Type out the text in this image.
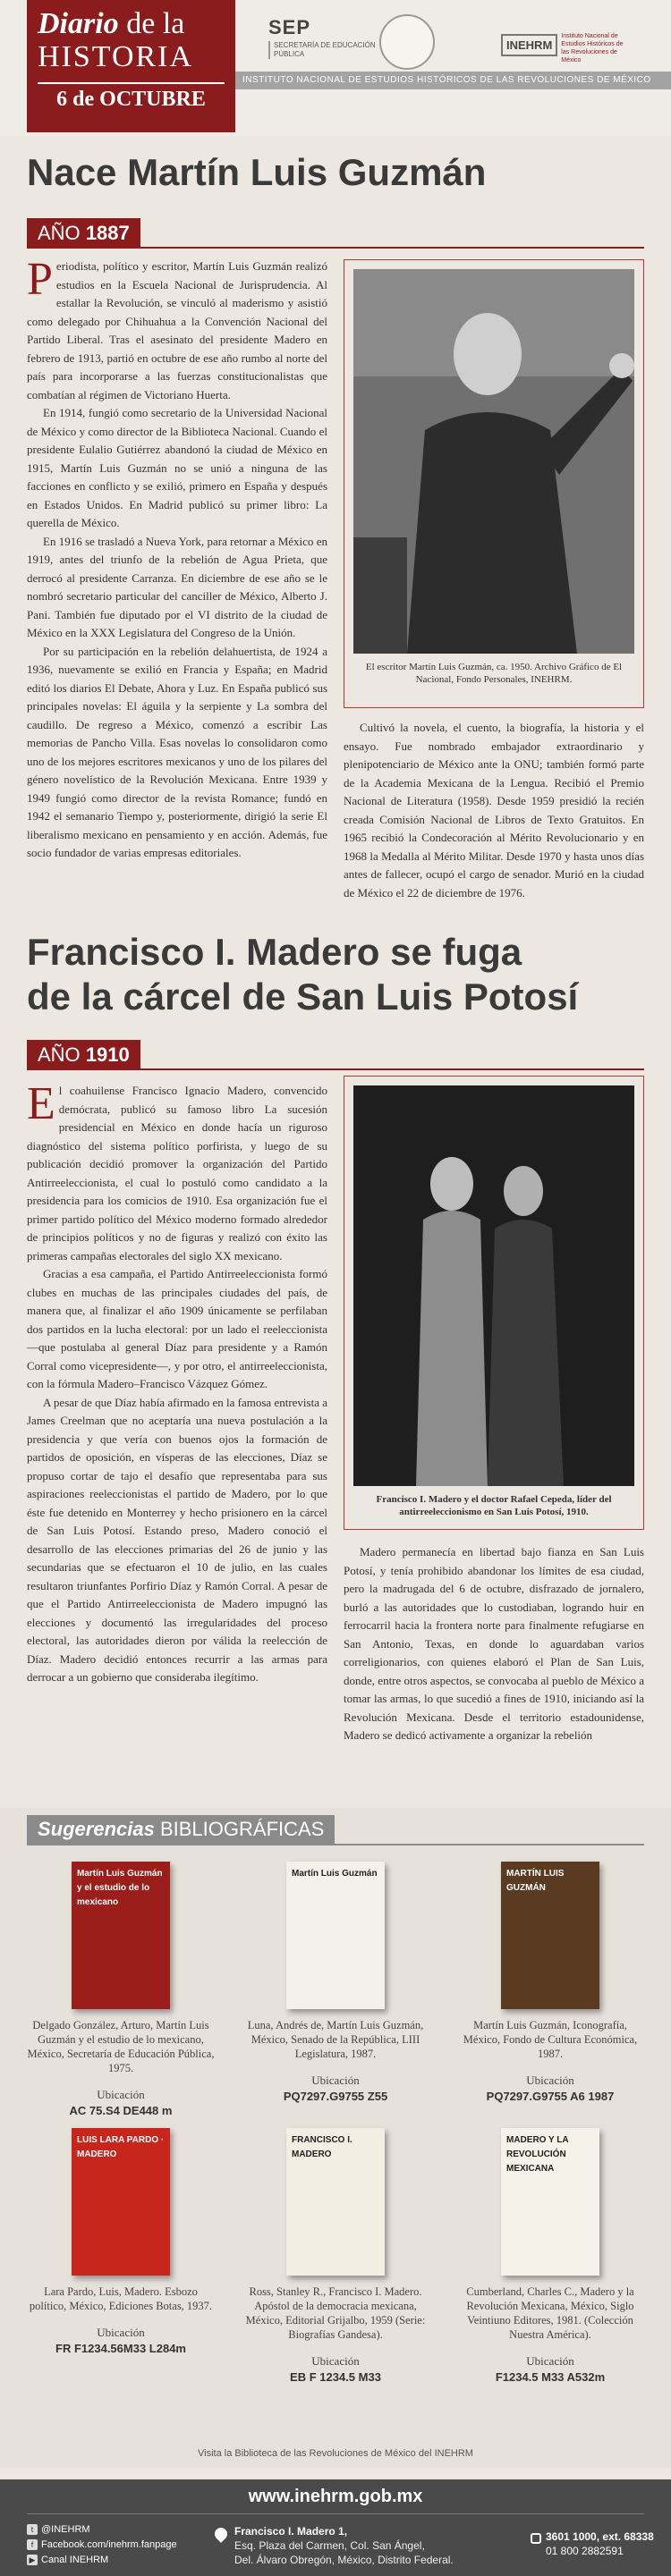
Diario de la
HISTORIA
6 de OCTUBRE
SEP
SECRETARÍA DE EDUCACIÓN PÚBLICA
INEHRMInstituto Nacional de Estudios Históricos de las Revoluciones de México
INSTITUTO NACIONAL DE ESTUDIOS HISTÓRICOS DE LAS REVOLUCIONES DE MÉXICO
Nace Martín Luis Guzmán
AÑO 1887

Periodista, político y escritor, Martín Luis Guzmán realizó estudios en la Escuela Nacional de Jurisprudencia. Al estallar la Revolución, se vinculó al maderismo y asistió como delegado por Chihuahua a la Convención Nacional del Partido Liberal. Tras el asesinato del presidente Madero en febrero de 1913, partió en octubre de ese año rumbo al norte del país para incorporarse a las fuerzas constitucionalistas que combatían al régimen de Victoriano Huerta.

En 1914, fungió como secretario de la Universidad Nacional de México y como director de la Biblioteca Nacional. Cuando el presidente Eulalio Gutiérrez abandonó la ciudad de México en 1915, Martín Luis Guzmán no se unió a ninguna de las facciones en conflicto y se exilió, primero en España y después en Estados Unidos. En Madrid publicó su primer libro: La querella de México.

En 1916 se trasladó a Nueva York, para retornar a México en 1919, antes del triunfo de la rebelión de Agua Prieta, que derrocó al presidente Carranza. En diciembre de ese año se le nombró secretario particular del canciller de México, Alberto J. Pani. También fue diputado por el VI distrito de la ciudad de México en la XXX Legislatura del Congreso de la Unión.

Por su participación en la rebelión delahuertista, de 1924 a 1936, nuevamente se exilió en Francia y España; en Madrid editó los diarios El Debate, Ahora y Luz. En España publicó sus principales novelas: El águila y la serpiente y La sombra del caudillo. De regreso a México, comenzó a escribir Las memorias de Pancho Villa. Esas novelas lo consolidaron como uno de los mejores escritores mexicanos y uno de los pilares del género novelístico de la Revolución Mexicana. Entre 1939 y 1949 fungió como director de la revista Romance; fundó en 1942 el semanario Tiempo y, posteriormente, dirigió la serie El liberalismo mexicano en pensamiento y en acción. Además, fue socio fundador de varias empresas editoriales.

El escritor Martín Luis Guzmán, ca. 1950. Archivo Gráfico de El Nacional, Fondo Personales, INEHRM.

Cultivó la novela, el cuento, la biografía, la historia y el ensayo. Fue nombrado embajador extraordinario y plenipotenciario de México ante la ONU; también formó parte de la Academia Mexicana de la Lengua. Recibió el Premio Nacional de Literatura (1958). Desde 1959 presidió la recién creada Comisión Nacional de Libros de Texto Gratuitos. En 1965 recibió la Condecoración al Mérito Revolucionario y en 1968 la Medalla al Mérito Militar. Desde 1970 y hasta unos días antes de fallecer, ocupó el cargo de senador. Murió en la ciudad de México el 22 de diciembre de 1976.

Francisco I. Madero se fuga
de la cárcel de San Luis Potosí
AÑO 1910

El coahuilense Francisco Ignacio Madero, convencido demócrata, publicó su famoso libro La sucesión presidencial en México en donde hacía un riguroso diagnóstico del sistema político porfirista, y luego de su publicación decidió promover la organización del Partido Antirreeleccionista, el cual lo postuló como candidato a la presidencia para los comicios de 1910. Esa organización fue el primer partido político del México moderno formado alrededor de principios políticos y no de figuras y realizó con éxito las primeras campañas electorales del siglo XX mexicano.

Gracias a esa campaña, el Partido Antirreeleccionista formó clubes en muchas de las principales ciudades del país, de manera que, al finalizar el año 1909 únicamente se perfilaban dos partidos en la lucha electoral: por un lado el reeleccionista —que postulaba al general Díaz para presidente y a Ramón Corral como vicepresidente—, y por otro, el antirreeleccionista, con la fórmula Madero–Francisco Vázquez Gómez.

A pesar de que Díaz había afirmado en la famosa entrevista a James Creelman que no aceptaría una nueva postulación a la presidencia y que vería con buenos ojos la formación de partidos de oposición, en vísperas de las elecciones, Díaz se propuso cortar de tajo el desafío que representaba para sus aspiraciones reeleccionistas el partido de Madero, por lo que éste fue detenido en Monterrey y hecho prisionero en la cárcel de San Luis Potosí. Estando preso, Madero conoció el desarrollo de las elecciones primarias del 26 de junio y las secundarias que se efectuaron el 10 de julio, en las cuales resultaron triunfantes Porfirio Díaz y Ramón Corral. A pesar de que el Partido Antirreeleccionista de Madero impugnó las elecciones y documentó las irregularidades del proceso electoral, las autoridades dieron por válida la reelección de Díaz. Madero decidió entonces recurrir a las armas para derrocar a un gobierno que consideraba ilegítimo.

Francisco I. Madero y el doctor Rafael Cepeda, líder del antirreeleccionismo en San Luis Potosí, 1910.

Madero permanecía en libertad bajo fianza en San Luis Potosí, y tenía prohibido abandonar los límites de esa ciudad, pero la madrugada del 6 de octubre, disfrazado de jornalero, burló a las autoridades que lo custodiaban, logrando huir en ferrocarril hacia la frontera norte para finalmente refugiarse en San Antonio, Texas, en donde lo aguardaban varios correligionarios, con quienes elaboró el Plan de San Luis, donde, entre otros aspectos, se convocaba al pueblo de México a tomar las armas, lo que sucedió a fines de 1910, iniciando así la Revolución Mexicana. Desde el territorio estadounidense, Madero se dedicó activamente a organizar la rebelión

Sugerencias BIBLIOGRÁFICAS
Martín Luis Guzmán y el estudio de lo mexicano
Delgado González, Arturo, Martín Luis Guzmán y el estudio de lo mexicano, México, Secretaría de Educación Pública, 1975.
Ubicación
AC 75.S4 DE448 m
Martín Luis Guzmán
Luna, Andrés de, Martín Luis Guzmán, México, Senado de la República, LIII Legislatura, 1987.
Ubicación
PQ7297.G9755 Z55
MARTÍN LUIS GUZMÁN
Martín Luis Guzmán, Iconografía, México, Fondo de Cultura Económica, 1987.
Ubicación
PQ7297.G9755 A6 1987
LUIS LARA PARDO · MADERO
Lara Pardo, Luis, Madero. Esbozo político, México, Ediciones Botas, 1937.
Ubicación
FR F1234.56M33 L284m
FRANCISCO I. MADERO
Ross, Stanley R., Francisco I. Madero. Apóstol de la democracia mexicana, México, Editorial Grijalbo, 1959 (Serie: Biografías Gandesa).
Ubicación
EB F 1234.5 M33
MADERO Y LA REVOLUCIÓN MEXICANA
Cumberland, Charles C., Madero y la Revolución Mexicana, México, Siglo Veintiuno Editores, 1981. (Colección Nuestra América).
Ubicación
F1234.5 M33 A532m
Visita la Biblioteca de las Revoluciones de México del INEHRM
www.inehrm.gob.mx
t @INEHRM
f Facebook.com/inehrm.fanpage
▶ Canal INEHRM
Francisco I. Madero 1,
Esq. Plaza del Carmen, Col. San Ángel,
Del. Álvaro Obregón, México, Distrito Federal.
3601 1000, ext. 68338
01 800 2882591
